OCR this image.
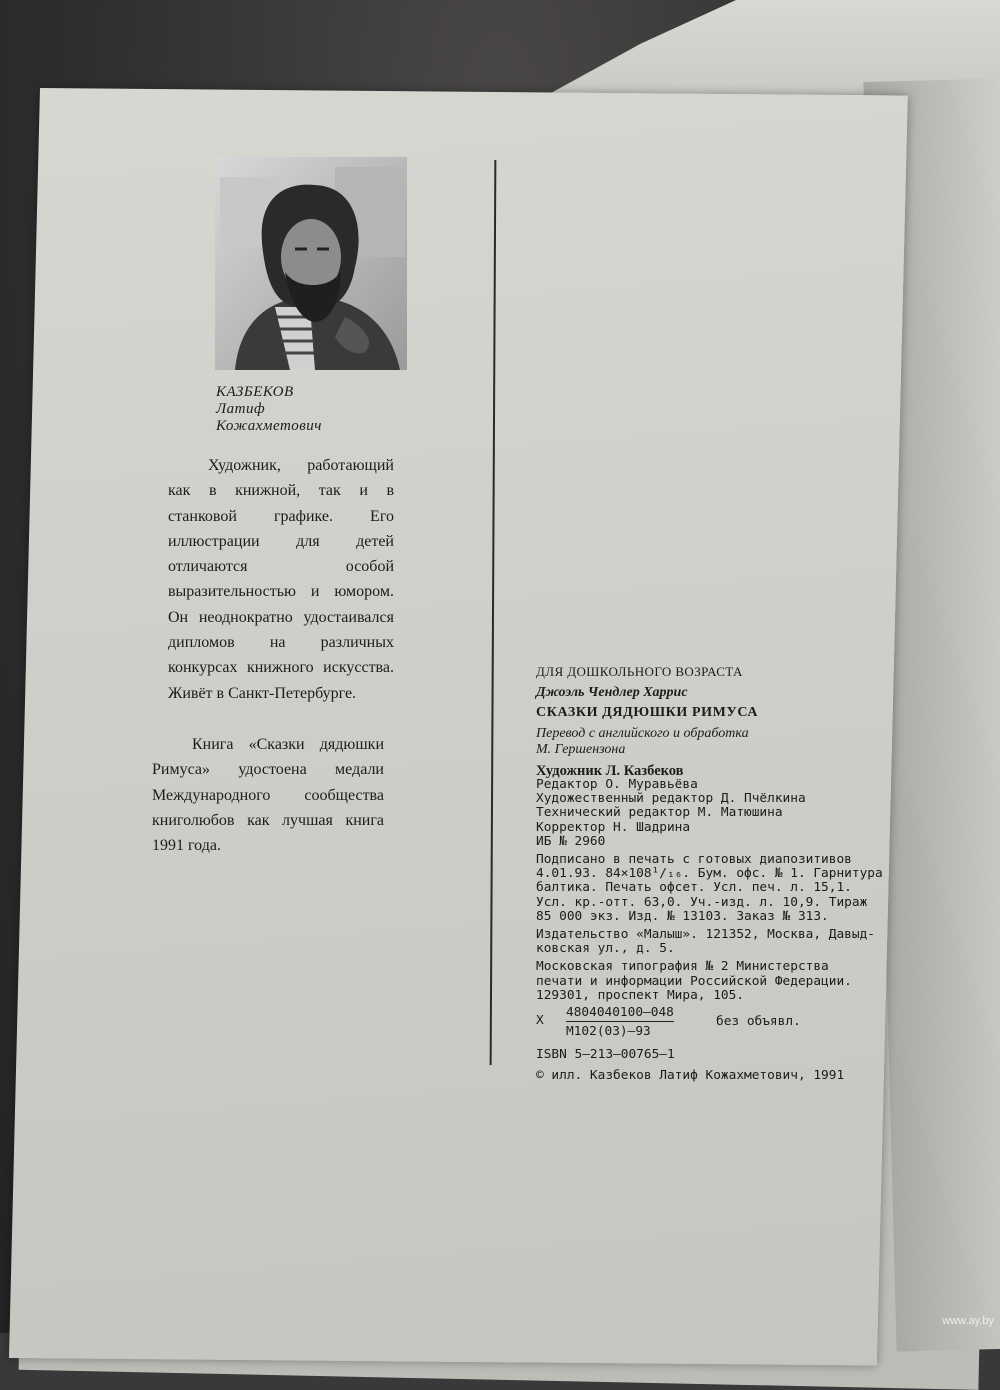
КАЗБЕКОВ
Латиф
Кожахметович

Художник, работающий как в книжной, так и в станковой графике. Его иллюстрации для детей отличаются особой выразительностью и юмором. Он неоднократно удостаивался дипломов на различных конкурсах книжного искусства. Живёт в Санкт-Петербурге.

Книга «Сказки дядюшки Римуса» удостоена медали Международного сообщества книголюбов как лучшая книга 1991 года.

ДЛЯ ДОШКОЛЬНОГО ВОЗРАСТА
Джоэль Чендлер Харрис
СКАЗКИ ДЯДЮШКИ РИМУСА
Перевод с английского и обработка
М. Гершензона
Художник Л. Казбеков
Редактор О. Муравьёва
Художественный редактор Д. Пчёлкина
Технический редактор М. Матюшина
Корректор Н. Шадрина
ИБ № 2960
Подписано в печать с готовых диапозитивов
4.01.93. 84×108¹/₁₆. Бум. офс. № 1. Гарнитура
балтика. Печать офсет. Усл. печ. л. 15,1.
Усл. кр.-отт. 63,0. Уч.-изд. л. 10,9. Тираж
85 000 экз. Изд. № 13103. Заказ № 313.
Издательство «Малыш». 121352, Москва, Давыд-
ковская ул., д. 5.
Московская типография № 2 Министерства
печати и информации Российской Федерации.
129301, проспект Мира, 105.
Х
4804040100—048
М102(03)—93
без объявл.
ISBN 5—213—00765—1
© илл. Казбеков Латиф Кожахметович, 1991
www.ay.by
